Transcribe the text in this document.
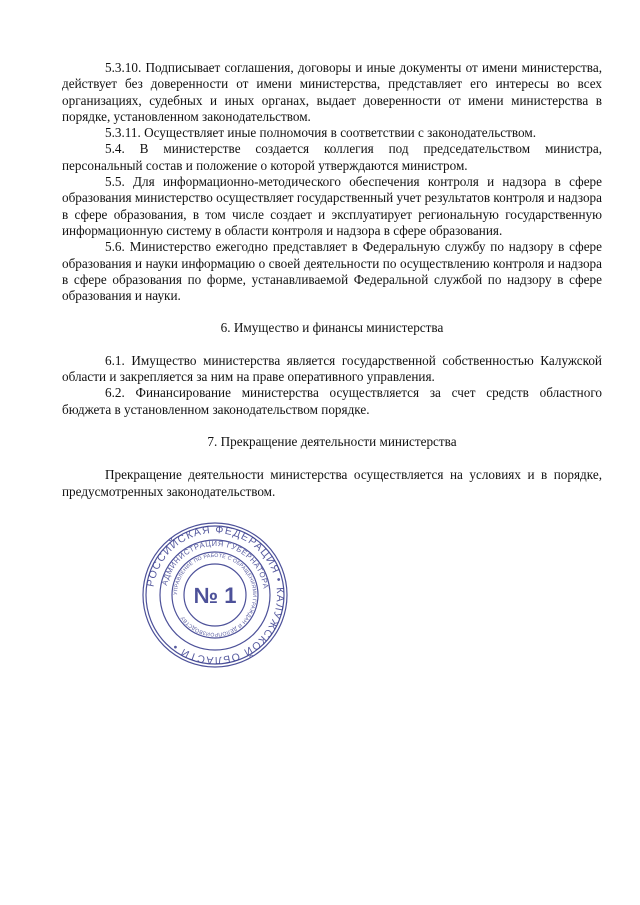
5.3.10. Подписывает соглашения, договоры и иные документы от имени министерства, действует без доверенности от имени министерства, представляет его интересы во всех организациях, судебных и иных органах, выдает доверенности от имени министерства в порядке, установленном законодательством.

5.3.11. Осуществляет иные полномочия в соответствии с законодательством.

5.4. В министерстве создается коллегия под председательством министра, персональный состав и положение о которой утверждаются министром.

5.5. Для информационно-методического обеспечения контроля и надзора в сфере образования министерство осуществляет государственный учет результатов контроля и надзора в сфере образования, в том числе создает и эксплуатирует региональную государственную информационную систему в области контроля и надзора в сфере образования.

5.6. Министерство ежегодно представляет в Федеральную службу по надзору в сфере образования и науки информацию о своей деятельности по осуществлению контроля и надзора в сфере образования по форме, устанавливаемой Федеральной службой по надзору в сфере образования и науки.

6. Имущество и финансы министерства

6.1. Имущество министерства является государственной собственностью Калужской области и закрепляется за ним на праве оперативного управления.

6.2. Финансирование министерства осуществляется за счет средств областного бюджета в установленном законодательством порядке.

7. Прекращение деятельности министерства

Прекращение деятельности министерства осуществляется на условиях и в порядке, предусмотренных законодательством.

РОССИЙСКАЯ ФЕДЕРАЦИЯ • КАЛУЖСКОЙ ОБЛАСТИ •
АДМИНИСТРАЦИЯ ГУБЕРНАТОРА
УПРАВЛЕНИЕ ПО РАБОТЕ С ОБРАЩЕНИЯМИ ГРАЖДАН И ДЕЛОПРОИЗВОДСТВУ
№ 1
